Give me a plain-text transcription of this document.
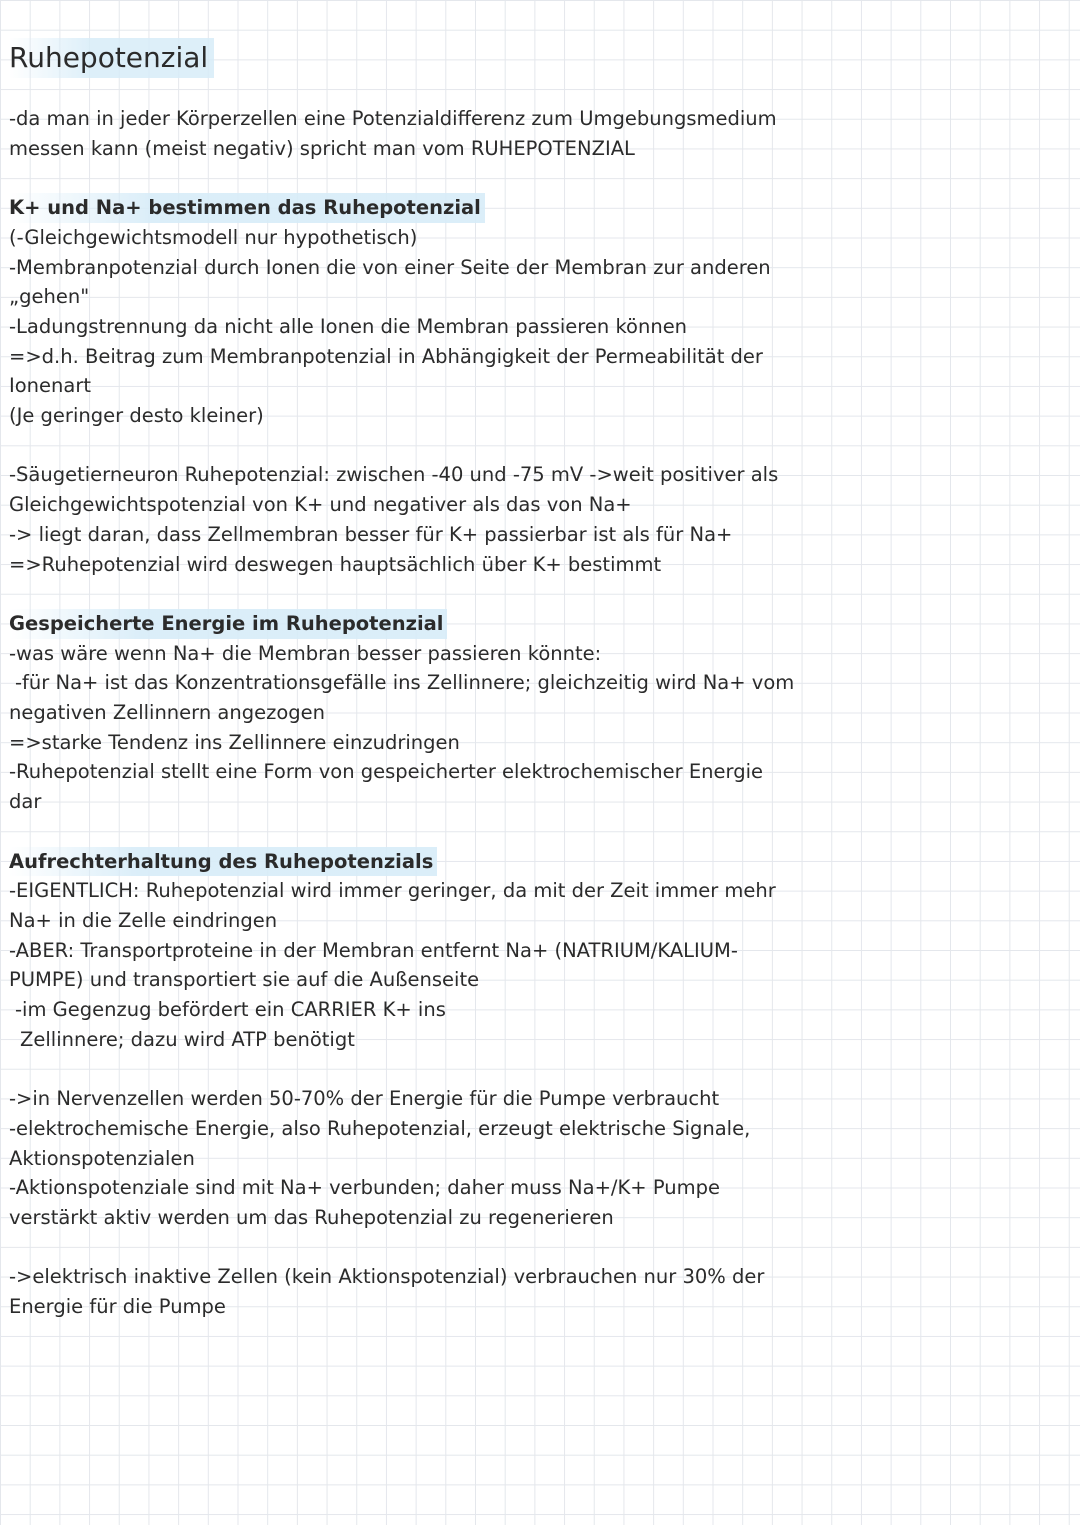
Ruhepotenzial

-da man in jeder Körperzellen eine Potenzialdifferenz zum Umgebungsmedium

messen kann (meist negativ) spricht man vom RUHEPOTENZIAL

K+ und Na+ bestimmen das Ruhepotenzial

(-Gleichgewichtsmodell nur hypothetisch)

-Membranpotenzial durch Ionen die von einer Seite der Membran zur anderen

„gehen"

-Ladungstrennung da nicht alle Ionen die Membran passieren können

=>d.h. Beitrag zum Membranpotenzial in Abhängigkeit der Permeabilität der

Ionenart

(Je geringer desto kleiner)

-Säugetierneuron Ruhepotenzial: zwischen -40 und -75 mV ->weit positiver als

Gleichgewichtspotenzial von K+ und negativer als das von Na+

-> liegt daran, dass Zellmembran besser für K+ passierbar ist als für Na+

=>Ruhepotenzial wird deswegen hauptsächlich über K+ bestimmt

Gespeicherte Energie im Ruhepotenzial

-was wäre wenn Na+ die Membran besser passieren könnte:

-für Na+ ist das Konzentrationsgefälle ins Zellinnere; gleichzeitig wird Na+ vom

negativen Zellinnern angezogen

=>starke Tendenz ins Zellinnere einzudringen

-Ruhepotenzial stellt eine Form von gespeicherter elektrochemischer Energie

dar

Aufrechterhaltung des Ruhepotenzials

-EIGENTLICH: Ruhepotenzial wird immer geringer, da mit der Zeit immer mehr

Na+ in die Zelle eindringen

-ABER: Transportproteine in der Membran entfernt Na+ (NATRIUM/KALIUM-

PUMPE) und transportiert sie auf die Außenseite

-im Gegenzug befördert ein CARRIER K+ ins

Zellinnere; dazu wird ATP benötigt

->in Nervenzellen werden 50-70% der Energie für die Pumpe verbraucht

-elektrochemische Energie, also Ruhepotenzial, erzeugt elektrische Signale,

Aktionspotenzialen

-Aktionspotenziale sind mit Na+ verbunden; daher muss Na+/K+ Pumpe

verstärkt aktiv werden um das Ruhepotenzial zu regenerieren

->elektrisch inaktive Zellen (kein Aktionspotenzial) verbrauchen nur 30% der

Energie für die Pumpe
